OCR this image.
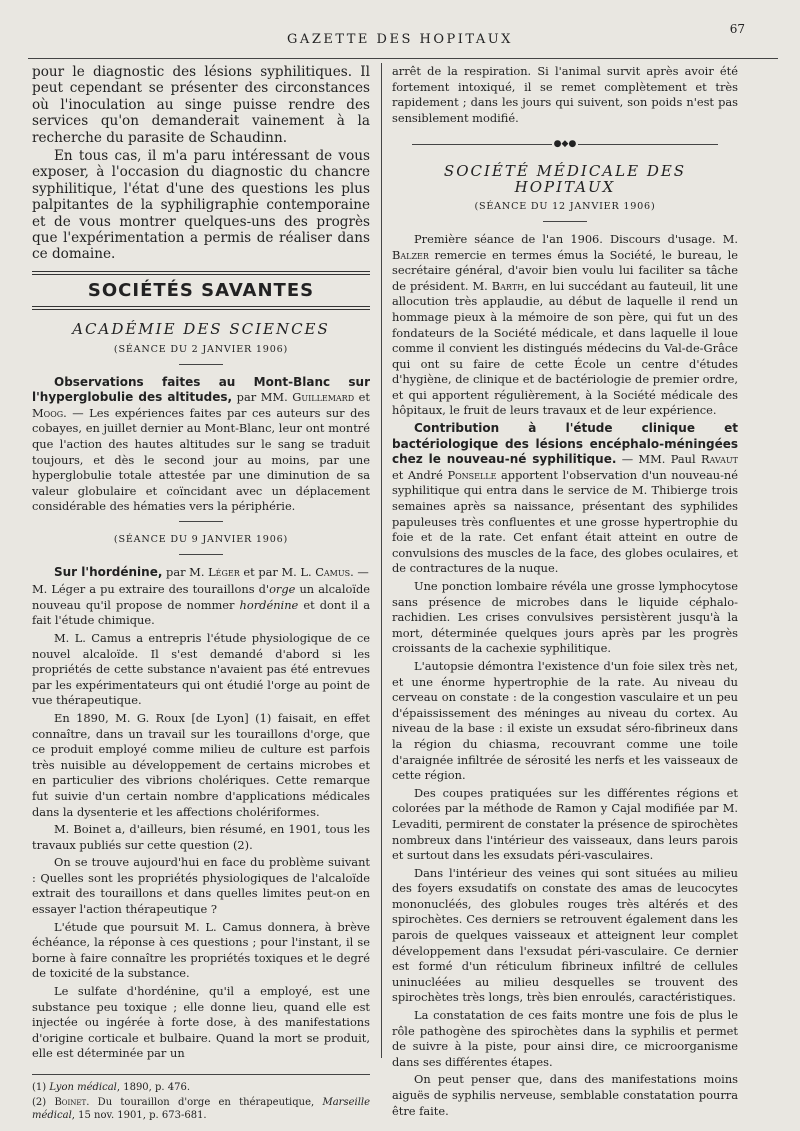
GAZETTE DES HOPITAUX
67

pour le diagnostic des lésions syphilitiques. Il peut cependant se présenter des circonstances où l'inoculation au singe puisse rendre des services qu'on demanderait vainement à la recherche du parasite de Schaudinn.

En tous cas, il m'a paru intéressant de vous exposer, à l'occasion du diagnostic du chancre syphilitique, l'état d'une des questions les plus palpitantes de la syphiligraphie contemporaine et de vous montrer quelques-uns des progrès que l'expérimentation a permis de réaliser dans ce domaine.

SOCIÉTÉS SAVANTES
ACADÉMIE DES SCIENCES
(SÉANCE DU 2 JANVIER 1906)

Observations faites au Mont-Blanc sur l'hyperglobulie des altitudes, par MM. Guillemard et Moog. — Les expériences faites par ces auteurs sur des cobayes, en juillet dernier au Mont-Blanc, leur ont montré que l'action des hautes altitudes sur le sang se traduit toujours, et dès le second jour au moins, par une hyperglobulie totale attestée par une diminution de sa valeur globulaire et coïncidant avec un déplacement considérable des hématies vers la périphérie.

(SÉANCE DU 9 JANVIER 1906)

Sur l'hordénine, par M. Léger et par M. L. Camus. —

M. Léger a pu extraire des touraillons d'orge un alcaloïde nouveau qu'il propose de nommer hordénine et dont il a fait l'étude chimique.

M. L. Camus a entrepris l'étude physiologique de ce nouvel alcaloïde. Il s'est demandé d'abord si les propriétés de cette substance n'avaient pas été entrevues par les expérimentateurs qui ont étudié l'orge au point de vue thérapeutique.

En 1890, M. G. Roux [de Lyon] (1) faisait, en effet connaître, dans un travail sur les touraillons d'orge, que ce produit employé comme milieu de culture est parfois très nuisible au développement de certains microbes et en particulier des vibrions cholériques. Cette remarque fut suivie d'un certain nombre d'applications médicales dans la dysenterie et les affections cholériformes.

M. Boinet a, d'ailleurs, bien résumé, en 1901, tous les travaux publiés sur cette question (2).

On se trouve aujourd'hui en face du problème suivant : Quelles sont les propriétés physiologiques de l'alcaloïde extrait des touraillons et dans quelles limites peut-on en essayer l'action thérapeutique ?

L'étude que poursuit M. L. Camus donnera, à brève échéance, la réponse à ces questions ; pour l'instant, il se borne à faire connaître les propriétés toxiques et le degré de toxicité de la substance.

Le sulfate d'hordénine, qu'il a employé, est une substance peu toxique ; elle donne lieu, quand elle est injectée ou ingérée à forte dose, à des manifestations d'origine corticale et bulbaire. Quand la mort se produit, elle est déterminée par un

(1) Lyon médical, 1890, p. 476.

(2) Boinet. Du touraillon d'orge en thérapeutique, Marseille médical, 15 nov. 1901, p. 673-681.

arrêt de la respiration. Si l'animal survit après avoir été fortement intoxiqué, il se remet complètement et très rapidement ; dans les jours qui suivent, son poids n'est pas sensiblement modifié.

●◆●
SOCIÉTÉ MÉDICALE DES HOPITAUX
(SÉANCE DU 12 JANVIER 1906)

Première séance de l'an 1906. Discours d'usage. M. Balzer remercie en termes émus la Société, le bureau, le secrétaire général, d'avoir bien voulu lui faciliter sa tâche de président. M. Barth, en lui succédant au fauteuil, lit une allocution très applaudie, au début de laquelle il rend un hommage pieux à la mémoire de son père, qui fut un des fondateurs de la Société médicale, et dans laquelle il loue comme il convient les distingués médecins du Val-de-Grâce qui ont su faire de cette École un centre d'études d'hygiène, de clinique et de bactériologie de premier ordre, et qui apportent régulièrement, à la Société médicale des hôpitaux, le fruit de leurs travaux et de leur expérience.

Contribution à l'étude clinique et bactériologique des lésions encéphalo-méningées chez le nouveau-né syphilitique. — MM. Paul Ravaut et André Ponselle apportent l'observation d'un nouveau-né syphilitique qui entra dans le service de M. Thibierge trois semaines après sa naissance, présentant des syphilides papuleuses très confluentes et une grosse hypertrophie du foie et de la rate. Cet enfant était atteint en outre de convulsions des muscles de la face, des globes oculaires, et de contractures de la nuque.

Une ponction lombaire révéla une grosse lymphocytose sans présence de microbes dans le liquide céphalo-rachidien. Les crises convulsives persistèrent jusqu'à la mort, déterminée quelques jours après par les progrès croissants de la cachexie syphilitique.

L'autopsie démontra l'existence d'un foie silex très net, et une énorme hypertrophie de la rate. Au niveau du cerveau on constate : de la congestion vasculaire et un peu d'épaississement des méninges au niveau du cortex. Au niveau de la base : il existe un exsudat séro-fibrineux dans la région du chiasma, recouvrant comme une toile d'araignée infiltrée de sérosité les nerfs et les vaisseaux de cette région.

Des coupes pratiquées sur les différentes régions et colorées par la méthode de Ramon y Cajal modifiée par M. Levaditi, permirent de constater la présence de spirochètes nombreux dans l'intérieur des vaisseaux, dans leurs parois et surtout dans les exsudats péri-vasculaires.

Dans l'intérieur des veines qui sont situées au milieu des foyers exsudatifs on constate des amas de leucocytes mononucléés, des globules rouges très altérés et des spirochètes. Ces derniers se retrouvent également dans les parois de quelques vaisseaux et atteignent leur complet développement dans l'exsudat péri-vasculaire. Ce dernier est formé d'un réticulum fibrineux infiltré de cellules uninucléées au milieu desquelles se trouvent des spirochètes très longs, très bien enroulés, caractéristiques.

La constatation de ces faits montre une fois de plus le rôle pathogène des spirochètes dans la syphilis et permet de suivre à la piste, pour ainsi dire, ce microorganisme dans ses différentes étapes.

On peut penser que, dans des manifestations moins aiguës de syphilis nerveuse, semblable constatation pourra être faite.
